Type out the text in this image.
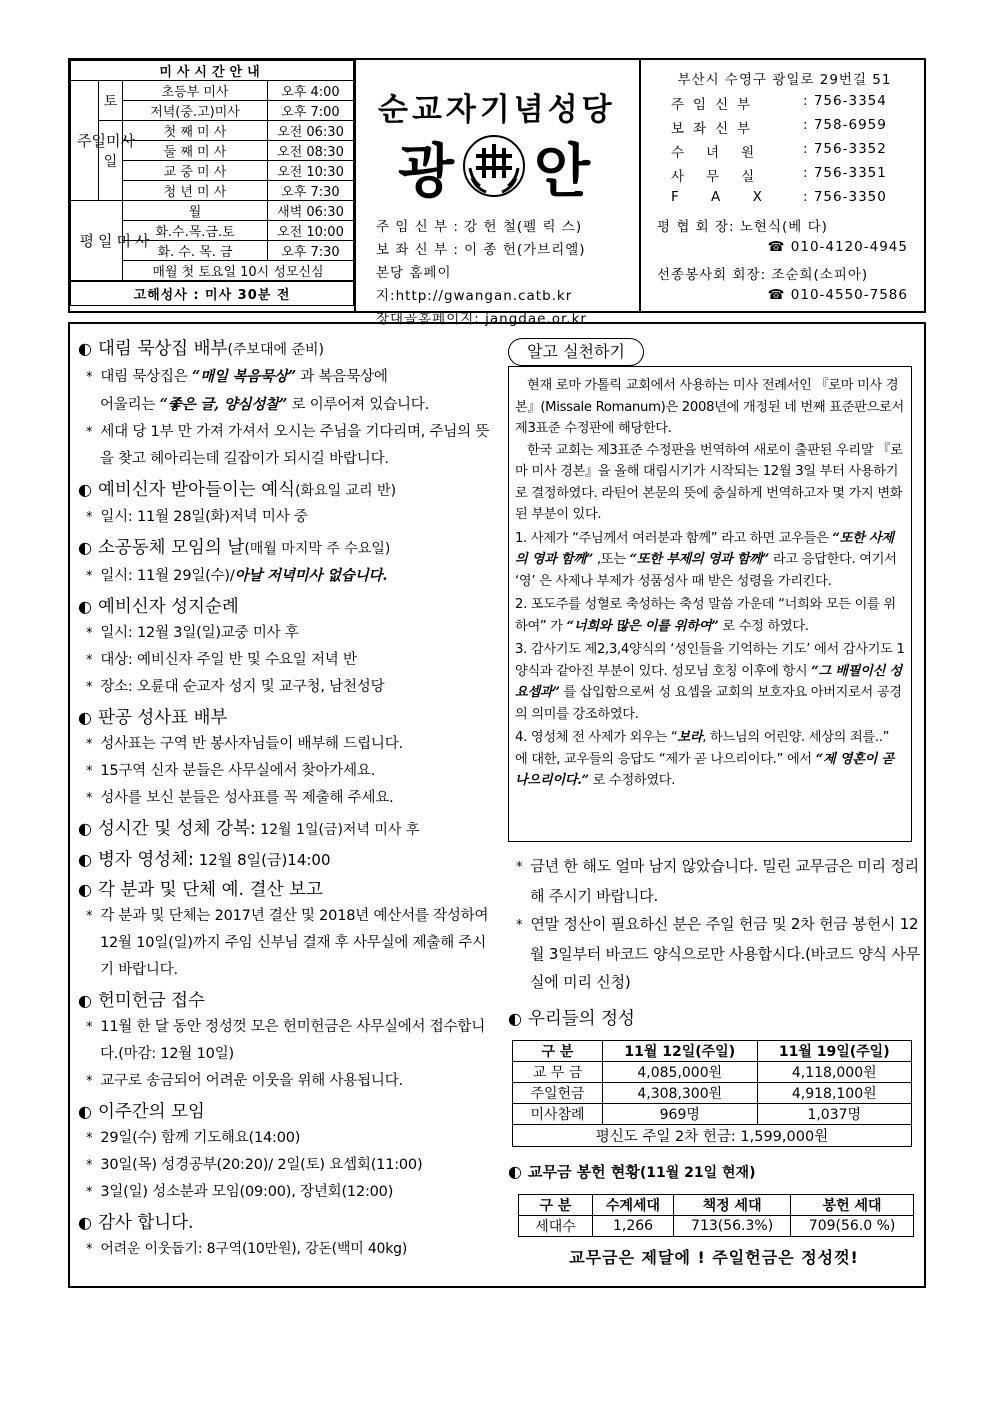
미사시간안내			
주일미사	토	초등부 미사	오후 4:00
		저녁(중.고)미사	오후 7:00
	일	첫 째 미 사	오전 06:30
		둘 째 미 사	오전 08:30
		교 중 미 사	오전 10:30
		청 년 미 사	오후 7:30
평일미사		월	새벽 06:30
		화.수.목.금.토	오전 10:00
		화. 수. 목. 금	오후 7:30
		매월 첫 토요일 10시 성모신심	
고해성사 : 미사 30분 전			
순교자기념성당
광 안
주 임 신 부 : 강 헌 철(펠 릭 스)
보 좌 신 부 : 이 종 헌(가브리엘)
본당 홈페이지:http://gwangan.catb.kr
장대골홈페이지: jangdae.or.kr
부산시 수영구 광일로 29번길 51
주임신부	: 756-3354
보좌신부	: 758-6959
수녀원	: 756-3352
사무실	: 756-3351
F A X	: 756-3350
평 협 회 장: 노현식(베 다)
☎ 010-4120-4945
선종봉사회 회장: 조순희(소피아)
☎ 010-4550-7586
◐ 대림 묵상집 배부(주보대에 준비)
* 대림 묵상집은 “매일 복음묵상” 과 복음묵상에
어울리는 “좋은 글, 양심성찰” 로 이루어져 있습니다.
* 세대 당 1부 만 가져 가셔서 오시는 주님을 기다리며, 주님의 뜻을 찾고 헤아리는데 길잡이가 되시길 바랍니다.
◐ 예비신자 받아들이는 예식(화요일 교리 반)
* 일시: 11월 28일(화)저녁 미사 중
◐ 소공동체 모임의 날(매월 마지막 주 수요일)
* 일시: 11월 29일(수)/아날 저녁미사 없습니다.
◐ 예비신자 성지순례
* 일시: 12월 3일(일)교중 미사 후
* 대상: 예비신자 주일 반 및 수요일 저녁 반
* 장소: 오륜대 순교자 성지 및 교구청, 남천성당
◐ 판공 성사표 배부
* 성사표는 구역 반 봉사자님들이 배부해 드립니다.
* 15구역 신자 분들은 사무실에서 찾아가세요.
* 성사를 보신 분들은 성사표를 꼭 제출해 주세요.
◐ 성시간 및 성체 강복: 12월 1일(금)저녁 미사 후
◐ 병자 영성체: 12월 8일(금)14:00
◐ 각 분과 및 단체 예. 결산 보고
* 각 분과 및 단체는 2017년 결산 및 2018년 예산서를 작성하여 12월 10일(일)까지 주임 신부님 결재 후 사무실에 제출해 주시기 바랍니다.
◐ 헌미헌금 접수
* 11월 한 달 동안 정성껏 모은 헌미헌금은 사무실에서 접수합니다.(마감: 12월 10일)
* 교구로 송금되어 어려운 이웃을 위해 사용됩니다.
◐ 이주간의 모임
* 29일(수) 함께 기도해요(14:00)
* 30일(목) 성경공부(20:20)/ 2일(토) 요셉회(11:00)
* 3일(일) 성소분과 모임(09:00), 장년회(12:00)
◐ 감사 합니다.
* 어려운 이웃돕기: 8구역(10만원), 강돈(백미 40kg)
알고 실천하기

현재 로마 가톨릭 교회에서 사용하는 미사 전례서인 『로마 미사 경본』(Missale Romanum)은 2008년에 개정된 네 번째 표준판으로서 제3표준 수정판에 해당한다.

한국 교회는 제3표준 수정판을 번역하여 새로이 출판된 우리말 『로마 미사 경본』을 올해 대림시기가 시작되는 12월 3일 부터 사용하기로 결정하였다. 라틴어 본문의 뜻에 충실하게 번역하고자 몇 가지 변화된 부분이 있다.

1. 사제가 “주님께서 여러분과 함께” 라고 하면 교우들은 “또한 사제의 영과 함께” ,또는 “또한 부제의 영과 함께” 라고 응답한다. 여기서 ‘영’ 은 사제나 부제가 성품성사 때 받은 성령을 가리킨다.

2. 포도주를 성혈로 축성하는 축성 말씀 가운데 “너희와 모든 이를 위하여” 가 “너희와 많은 이를 위하여” 로 수정 하였다.

3. 감사기도 제2,3,4양식의 ‘성인들을 기억하는 기도’ 에서 감사기도 1양식과 같아진 부분이 있다. 성모님 호칭 이후에 항시 “그 배필이신 성 요셉과” 를 삽입함으로써 성 요셉을 교회의 보호자요 아버지로서 공경의 의미를 강조하였다.

4. 영성체 전 사제가 외우는 “보라, 하느님의 어린양. 세상의 죄를..” 에 대한, 교우들의 응답도 “제가 곧 나으리이다.” 에서 “제 영혼이 곧 나으리이다.” 로 수정하였다.

* 금년 한 해도 얼마 남지 않았습니다. 밀린 교무금은 미리 정리해 주시기 바랍니다.
* 연말 정산이 필요하신 분은 주일 헌금 및 2차 헌금 봉헌시 12월 3일부터 바코드 양식으로만 사용합시다.(바코드 양식 사무실에 미리 신청)
◐ 우리들의 정성
구 분	11월 12일(주일)	11월 19일(주일)
교 무 금	4,085,000원	4,118,000원
주일헌금	4,308,300원	4,918,100원
미사참례	969명	1,037명
평신도 주일 2차 헌금: 1,599,000원		
◐ 교무금 봉헌 현황(11월 21일 현재)
구 분	수계세대	책정 세대	봉헌 세대
세대수	1,266	713(56.3%)	709(56.0 %)
교무금은 제달에 ! 주일헌금은 정성껏!
